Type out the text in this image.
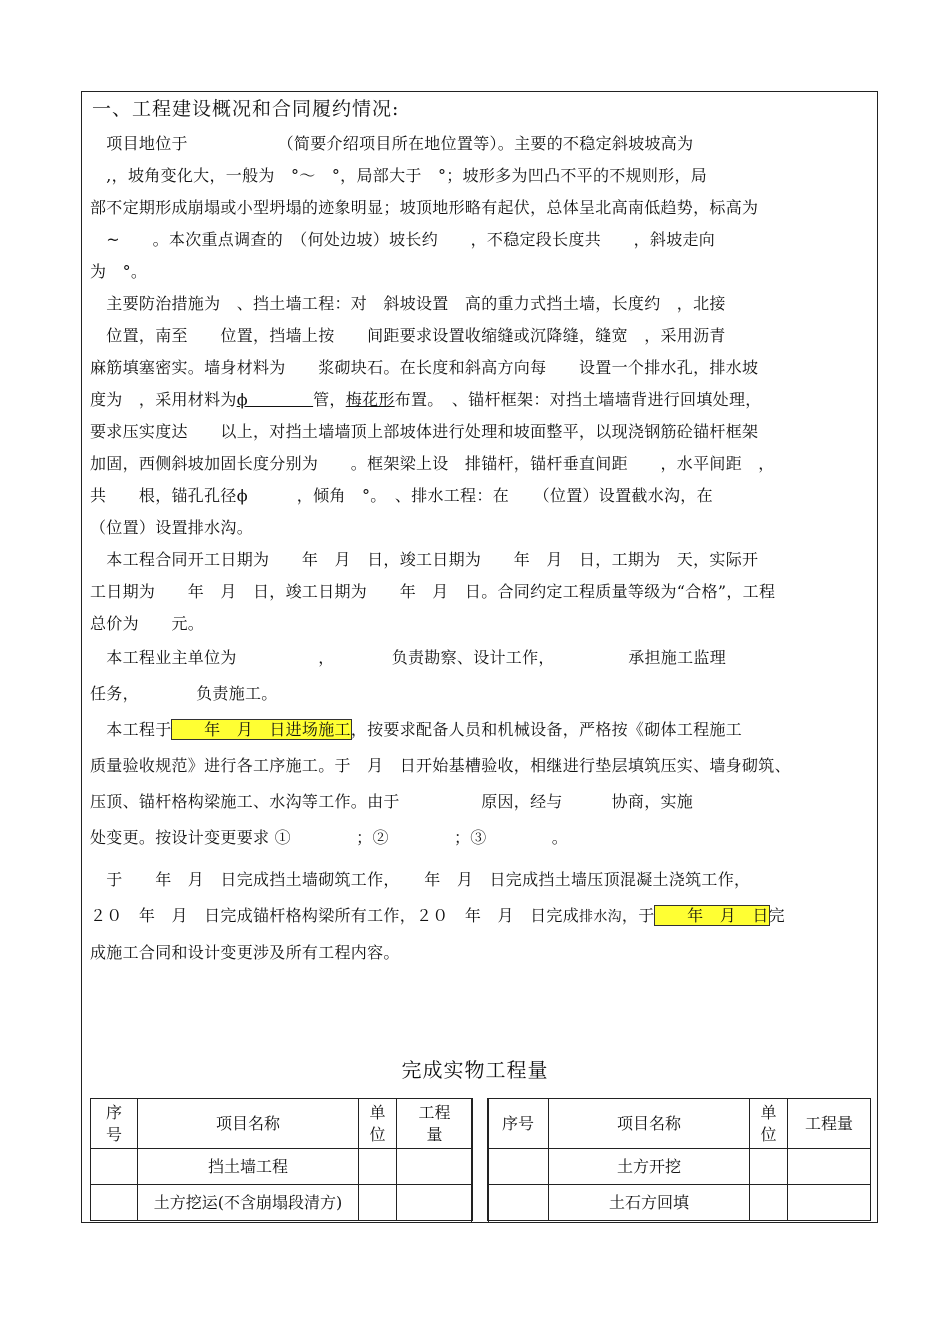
一、工程建设概况和合同履约情况:
　项目地位于　　　　　　（简要介绍项目所在地位置等）。主要的不稳定斜坡坡高为
　,，坡角变化大，一般为　°～　°，局部大于　°；坡形多为凹凸不平的不规则形，局
部不定期形成崩塌或小型坍塌的迹象明显；坡顶地形略有起伏，总体呈北高南低趋势，标高为
　~　　。本次重点调查的　（何处边坡）坡长约　　，不稳定段长度共　　，斜坡走向
为　°。
　主要防治措施为　、挡土墙工程：对　斜坡设置　高的重力式挡土墙，长度约　，北接
　位置，南至　　位置，挡墙上按　　间距要求设置收缩缝或沉降缝，缝宽　，采用沥青
麻筋填塞密实。墙身材料为　　浆砌块石。在长度和斜高方向每　　设置一个排水孔，排水坡
度为　，采用材料为ϕ　　　　管，梅花形布置。　、锚杆框架：对挡土墙墙背进行回填处理，
要求压实度达　　以上，对挡土墙墙顶上部坡体进行处理和坡面整平，以现浇钢筋砼锚杆框架
加固，西侧斜坡加固长度分别为　　。框架梁上设　排锚杆，锚杆垂直间距　　，水平间距　，
共　　根，锚孔孔径ϕ　　　，倾角　°。　、排水工程：在　　（位置）设置截水沟，在
（位置）设置排水沟。
　本工程合同开工日期为　　年　月　日，竣工日期为　　年　月　日，工期为　天，实际开
工日期为　　年　月　日，竣工日期为　　年　月　日。合同约定工程质量等级为“合格”，工程
总价为　　元。
　本工程业主单位为　　　　　，　　　　负责勘察、设计工作，　　　　　承担施工监理
任务，　　　　负责施工。
　本工程于　　年　月　日进场施工，按要求配备人员和机械设备，严格按《砌体工程施工
质量验收规范》进行各工序施工。于　月　日开始基槽验收，相继进行垫层填筑压实、墙身砌筑、
压顶、锚杆格构梁施工、水沟等工作。由于　　　　　原因，经与　　　协商，实施
处变更。按设计变更要求 ①　　　　；②　　　　；③　　　　。
　于　　年　月　日完成挡土墙砌筑工作，　　年　月　日完成挡土墙压顶混凝土浇筑工作，
２０　年　月　日完成锚杆格构梁所有工作，２０　年　月　日完成排水沟，于　　年　月　日完
成施工合同和设计变更涉及所有工程内容。
完成实物工程量
序号	项目名称	单位	工程量

	挡土墙工程		
	土方挖运(不含崩塌段清方)		
序号	项目名称	单位	工程量
	土方开挖		
	土石方回填		
